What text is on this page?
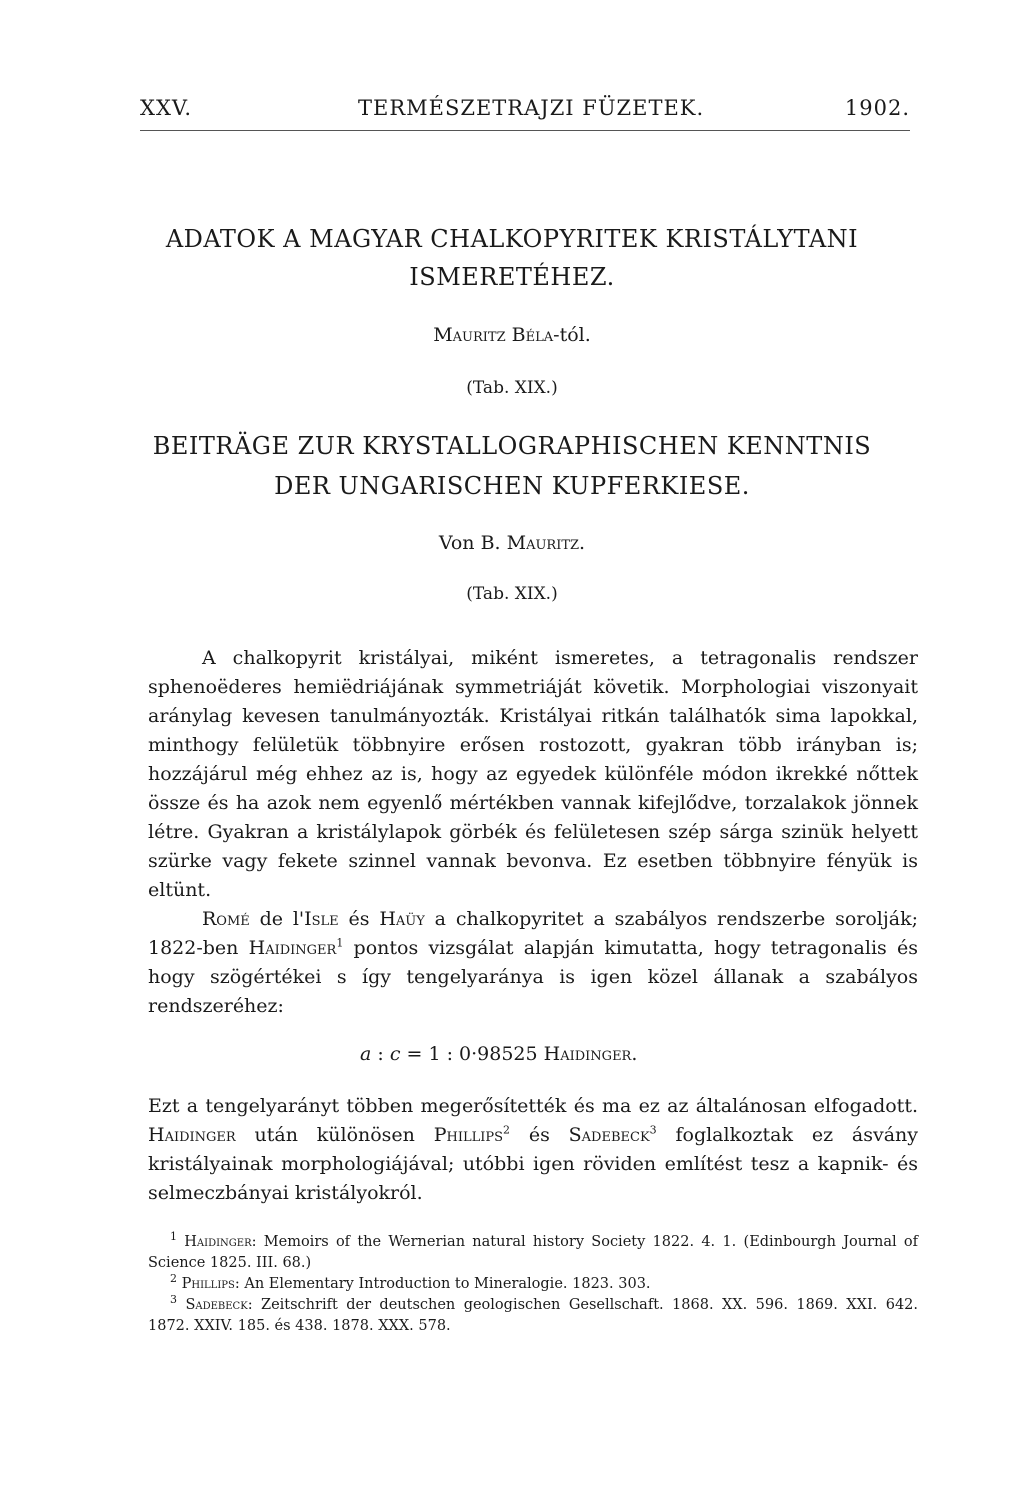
XXV.	TERMÉSZETRAJZI FÜZETEK.	1902.
ADATOK A MAGYAR CHALKOPYRITEK KRISTÁLYTANI
ISMERETÉHEZ.
Mauritz Béla-tól.
(Tab. XIX.)
BEITRÄGE ZUR KRYSTALLOGRAPHISCHEN KENNTNIS
DER UNGARISCHEN KUPFERKIESE.
Von B. Mauritz.
(Tab. XIX.)

A chalkopyrit kristályai, miként ismeretes, a tetragonalis rendszer sphenoëderes hemiëdriájának symmetriáját követik. Morphologiai viszonyait aránylag kevesen tanulmányozták. Kristályai ritkán találhatók sima lapokkal, minthogy felületük többnyire erősen rostozott, gyakran több irányban is; hozzájárul még ehhez az is, hogy az egyedek különféle módon ikrekké nőttek össze és ha azok nem egyenlő mértékben vannak kifejlődve, torzalakok jönnek létre. Gyakran a kristálylapok görbék és felületesen szép sárga szinük helyett szürke vagy fekete szinnel vannak bevonva. Ez esetben többnyire fényük is eltünt.

Romé de l'Isle és Haüy a chalkopyritet a szabályos rendszerbe sorolják; 1822-ben Haidinger$^1$ pontos vizsgálat alapján kimutatta, hogy tetragonalis és hogy szögértékei s így tengelyaránya is igen közel állanak a szabályos rendszeréhez:

a : c = 1 : 0·98525 Haidinger.

Ezt a tengelyarányt többen megerősítették és ma ez az általánosan elfogadott. Haidinger után különösen Phillips$^2$ és Sadebeck$^3$ foglalkoztak ez ásvány kristályainak morphologiájával; utóbbi igen röviden említést tesz a kapnik- és selmeczbányai kristályokról.

$^1$ Haidinger: Memoirs of the Wernerian natural history Society 1822. 4. 1. (Edinbourgh Journal of Science 1825. III. 68.)

$^2$ Phillips: An Elementary Introduction to Mineralogie. 1823. 303.

$^3$ Sadebeck: Zeitschrift der deutschen geologischen Gesellschaft. 1868. XX. 596. 1869. XXI. 642. 1872. XXIV. 185. és 438. 1878. XXX. 578.
